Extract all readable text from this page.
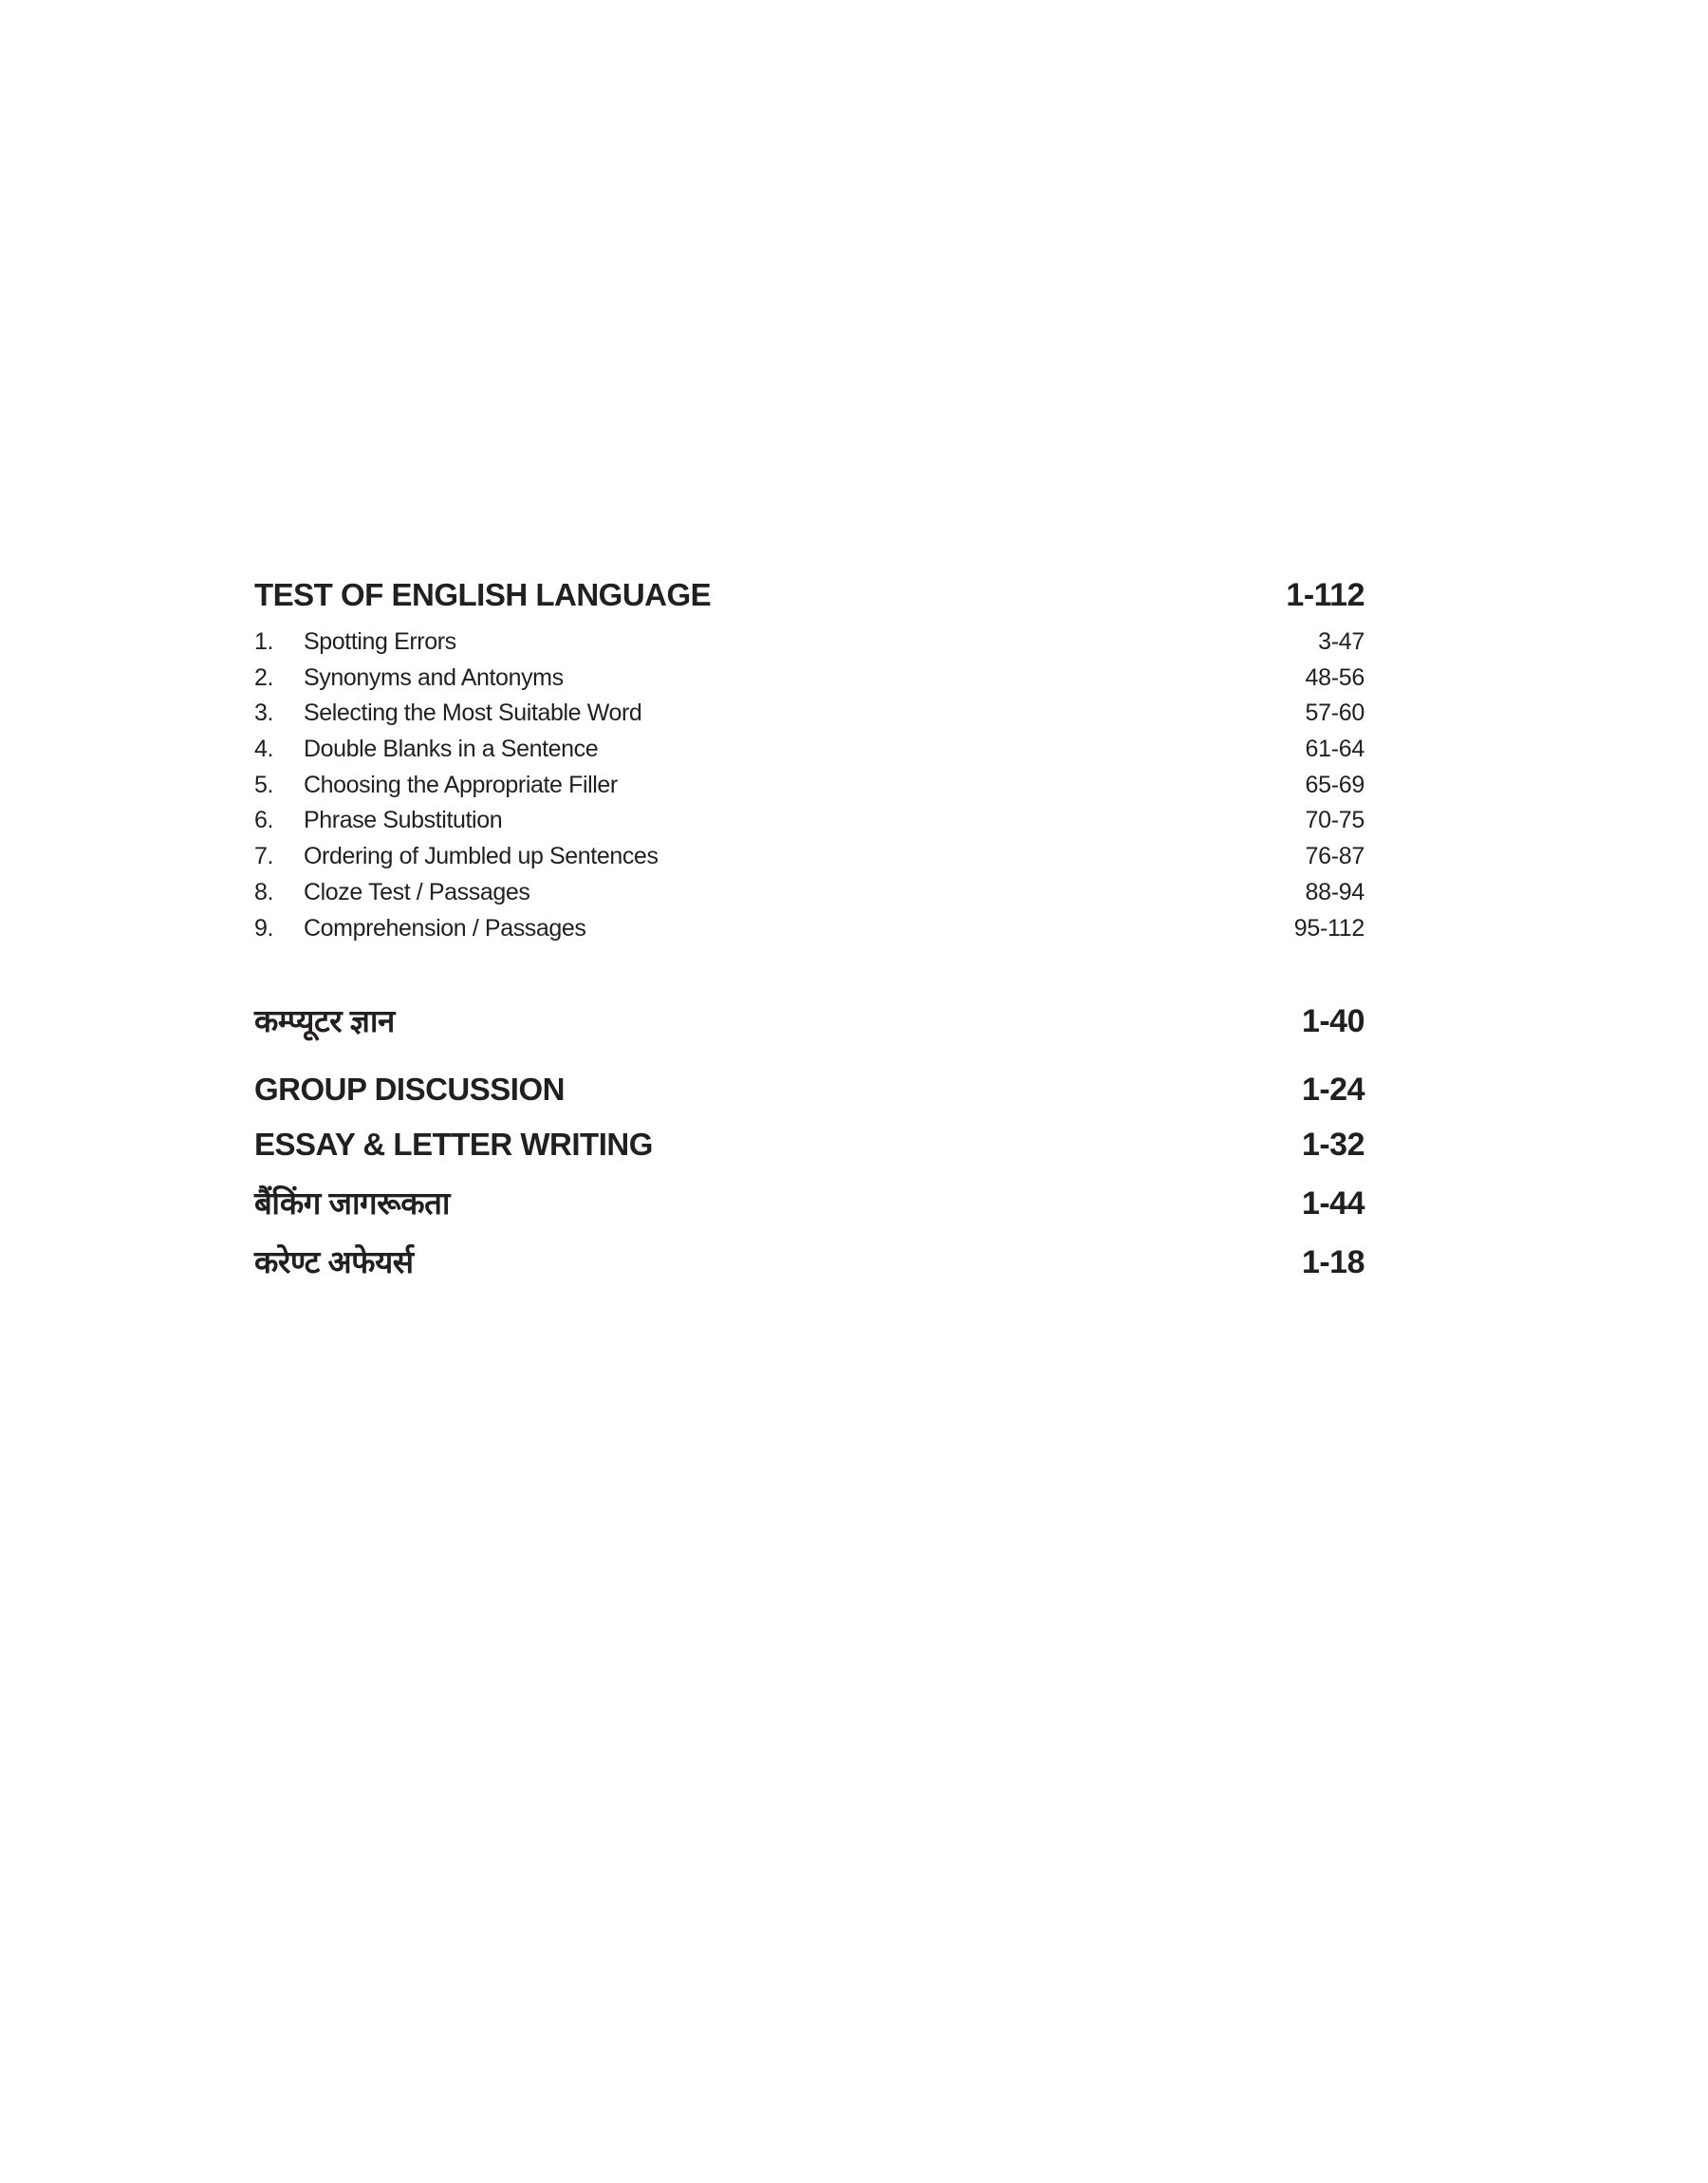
TEST OF ENGLISH LANGUAGE	1-112
1.	Spotting Errors	3-47
2.	Synonyms and Antonyms	48-56
3.	Selecting the Most Suitable Word	57-60
4.	Double Blanks in a Sentence	61-64
5.	Choosing the Appropriate Filler	65-69
6.	Phrase Substitution	70-75
7.	Ordering of Jumbled up Sentences	76-87
8.	Cloze Test / Passages	88-94
9.	Comprehension / Passages	95-112
कम्प्यूटर ज्ञान	1-40
GROUP DISCUSSION	1-24
ESSAY & LETTER WRITING	1-32
बैंकिंग जागरूकता	1-44
करेण्ट अफेयर्स	1-18
